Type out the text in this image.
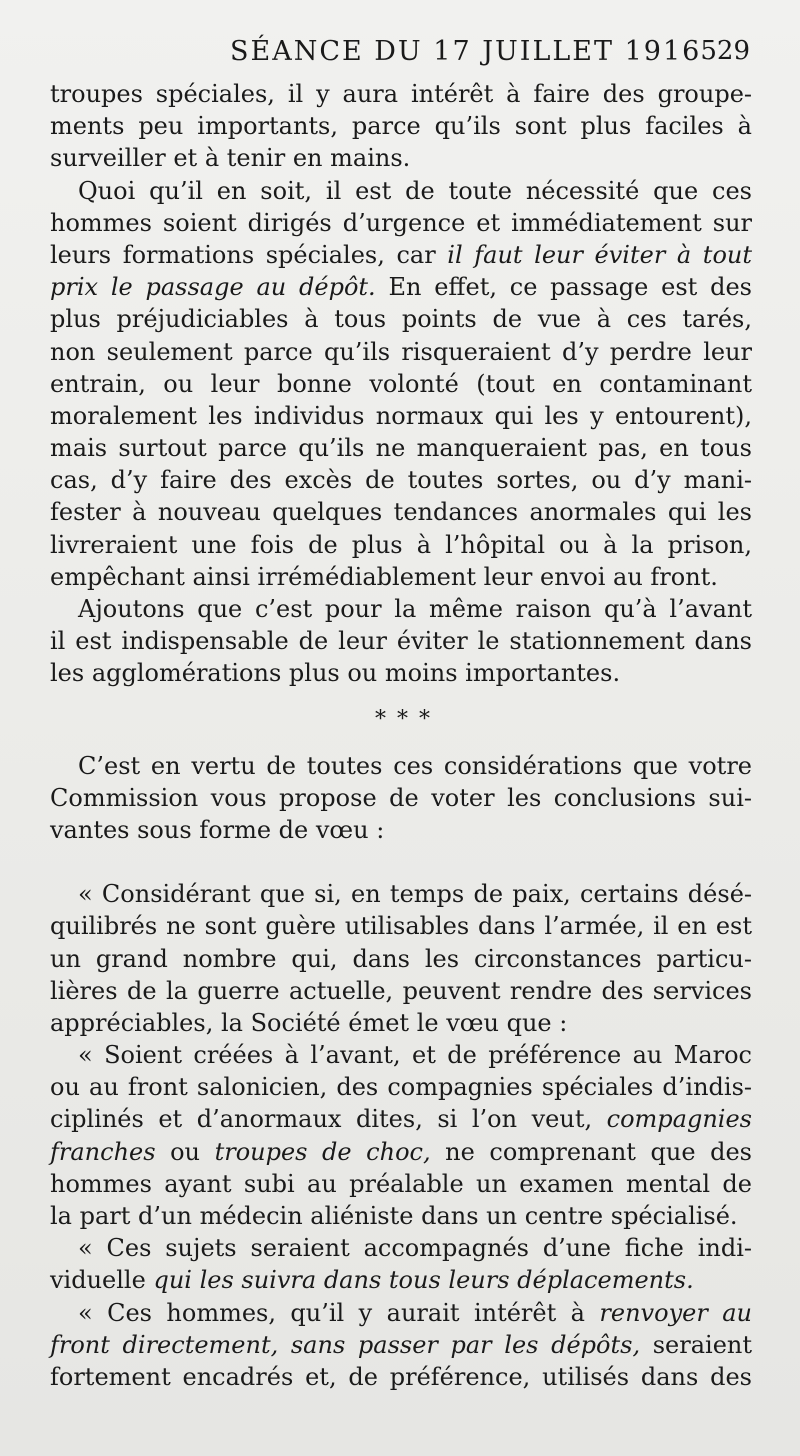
SÉANCE DU 17 JUILLET 1916 529
troupes spéciales, il y aura intérêt à faire des groupe-
ments peu importants, parce qu’ils sont plus faciles à
surveiller et à tenir en mains.
Quoi qu’il en soit, il est de toute nécessité que ces
hommes soient dirigés d’urgence et immédiatement sur
leurs formations spéciales, car il faut leur éviter à tout
prix le passage au dépôt. En effet, ce passage est des
plus préjudiciables à tous points de vue à ces tarés,
non seulement parce qu’ils risqueraient d’y perdre leur
entrain, ou leur bonne volonté (tout en contaminant
moralement les individus normaux qui les y entourent),
mais surtout parce qu’ils ne manqueraient pas, en tous
cas, d’y faire des excès de toutes sortes, ou d’y mani-
fester à nouveau quelques tendances anormales qui les
livreraient une fois de plus à l’hôpital ou à la prison,
empêchant ainsi irrémédiablement leur envoi au front.
Ajoutons que c’est pour la même raison qu’à l’avant
il est indispensable de leur éviter le stationnement dans
les agglomérations plus ou moins importantes.
* * *
C’est en vertu de toutes ces considérations que votre
Commission vous propose de voter les conclusions sui-
vantes sous forme de vœu :
« Considérant que si, en temps de paix, certains désé-
quilibrés ne sont guère utilisables dans l’armée, il en est
un grand nombre qui, dans les circonstances particu-
lières de la guerre actuelle, peuvent rendre des services
appréciables, la Société émet le vœu que :
« Soient créées à l’avant, et de préférence au Maroc
ou au front salonicien, des compagnies spéciales d’indis-
ciplinés et d’anormaux dites, si l’on veut, compagnies
franches ou troupes de choc, ne comprenant que des
hommes ayant subi au préalable un examen mental de
la part d’un médecin aliéniste dans un centre spécialisé.
« Ces sujets seraient accompagnés d’une fiche indi-
viduelle qui les suivra dans tous leurs déplacements.
« Ces hommes, qu’il y aurait intérêt à renvoyer au
front directement, sans passer par les dépôts, seraient
fortement encadrés et, de préférence, utilisés dans des
